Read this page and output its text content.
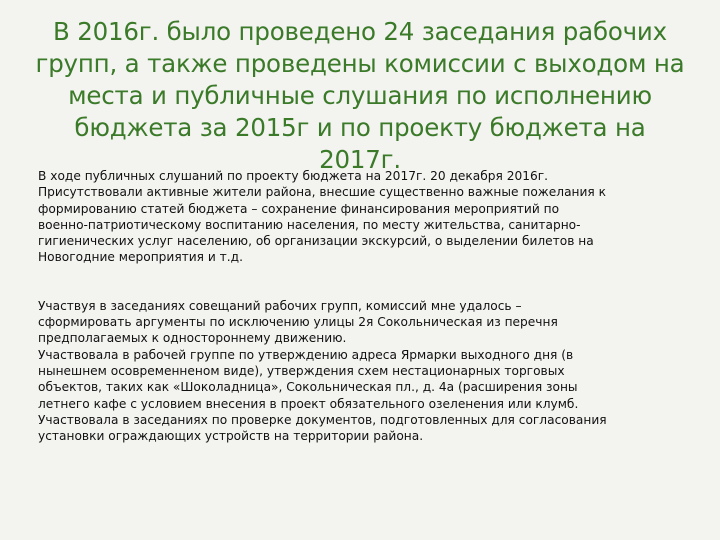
В 2016г. было проведено 24 заседания рабочих
групп, а также проведены комиссии с выходом на
места и публичные слушания по исполнению
бюджета за 2015г и по проекту бюджета на 2017г.
В ходе публичных слушаний по проекту бюджета на 2017г. 20 декабря 2016г.
Присутствовали активные жители района, внесшие существенно важные пожелания к
формированию статей бюджета – сохранение финансирования мероприятий по
военно-патриотическому воспитанию населения, по месту жительства, санитарно-
гигиенических услуг населению, об организации экскурсий, о выделении билетов на
Новогодние мероприятия и т.д.
Участвуя в заседаниях совещаний рабочих групп, комиссий мне удалось –
сформировать аргументы по исключению улицы 2я Сокольническая из перечня
предполагаемых к одностороннему движению.
Участвовала в рабочей группе по утверждению адреса Ярмарки выходного дня (в
нынешнем осовременненом виде), утверждения схем нестационарных торговых
объектов, таких как «Шоколадница», Сокольническая пл., д. 4а (расширения зоны
летнего кафе с условием внесения в проект обязательного озеленения или клумб.
Участвовала в заседаниях по проверке документов, подготовленных для согласования
установки ограждающих устройств на территории района.
